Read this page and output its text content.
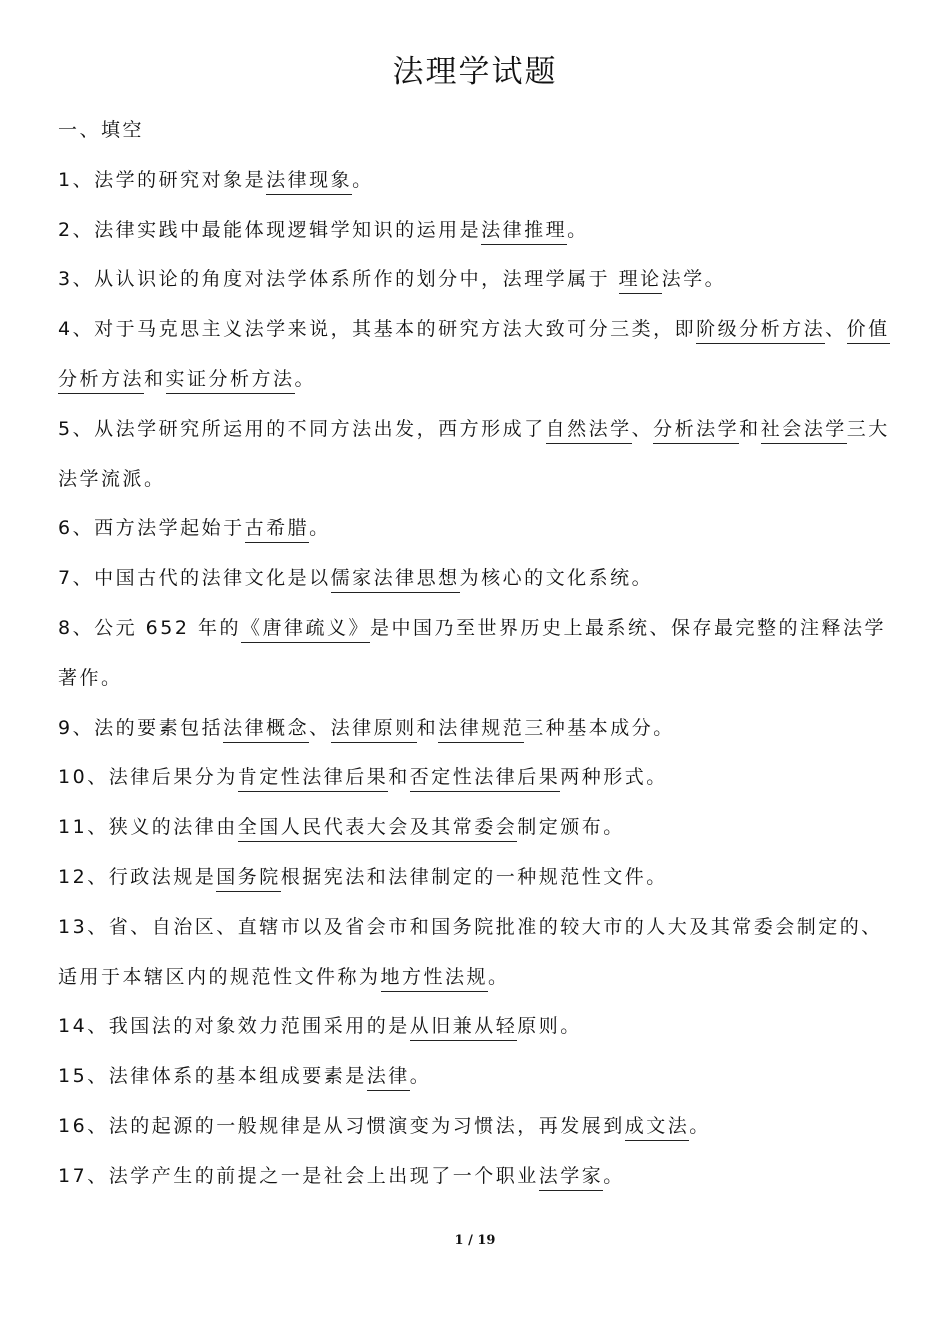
法理学试题
一、填空
1、法学的研究对象是法律现象。
2、法律实践中最能体现逻辑学知识的运用是法律推理。
3、从认识论的角度对法学体系所作的划分中，法理学属于 理论法学。
4、对于马克思主义法学来说，其基本的研究方法大致可分三类，即阶级分析方法、价值分析方法和实证分析方法。
5、从法学研究所运用的不同方法出发，西方形成了自然法学、分析法学和社会法学三大法学流派。
6、西方法学起始于古希腊。
7、中国古代的法律文化是以儒家法律思想为核心的文化系统。
8、公元 652 年的《唐律疏义》是中国乃至世界历史上最系统、保存最完整的注释法学著作。
9、法的要素包括法律概念、法律原则和法律规范三种基本成分。
10、法律后果分为肯定性法律后果和否定性法律后果两种形式。
11、狭义的法律由全国人民代表大会及其常委会制定颁布。
12、行政法规是国务院根据宪法和法律制定的一种规范性文件。
13、省、自治区、直辖市以及省会市和国务院批准的较大市的人大及其常委会制定的、适用于本辖区内的规范性文件称为地方性法规。
14、我国法的对象效力范围采用的是从旧兼从轻原则。
15、法律体系的基本组成要素是法律。
16、法的起源的一般规律是从习惯演变为习惯法，再发展到成文法。
17、法学产生的前提之一是社会上出现了一个职业法学家。
1 / 19
